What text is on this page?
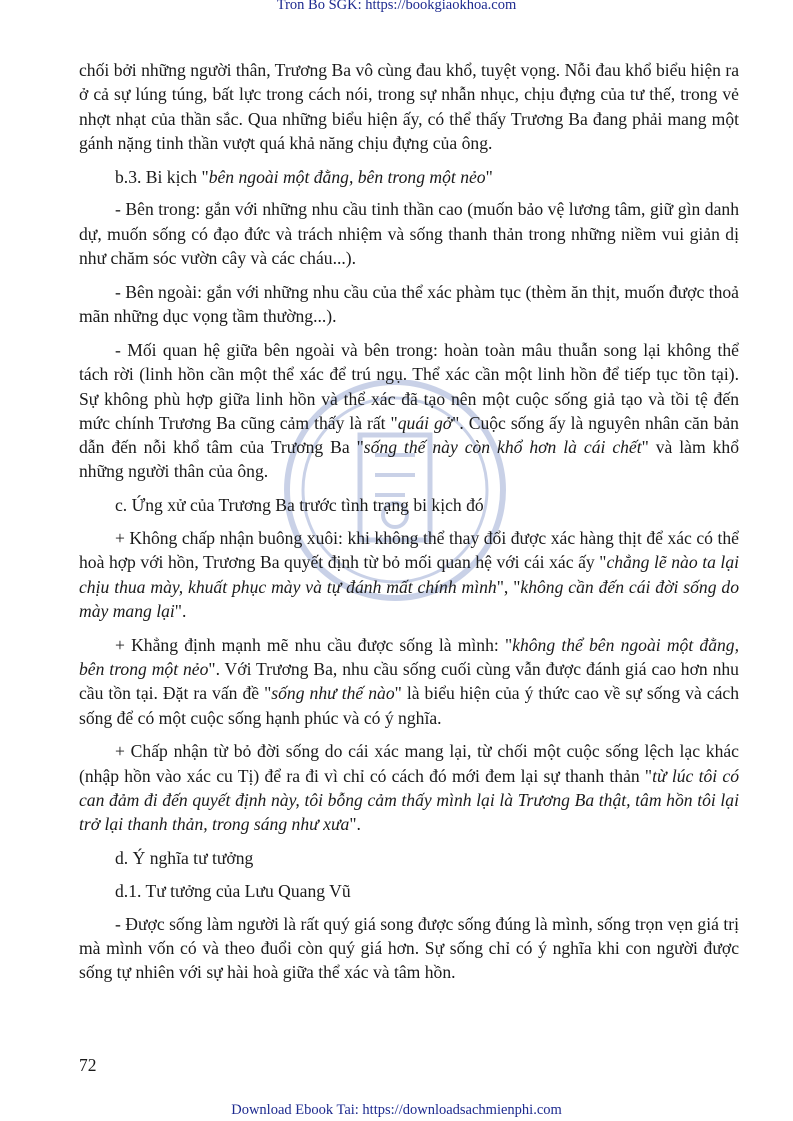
Tron Bo SGK: https://bookgiaokhoa.com

chối bởi những người thân, Trương Ba vô cùng đau khổ, tuyệt vọng. Nỗi đau khổ biểu hiện ra ở cả sự lúng túng, bất lực trong cách nói, trong sự nhẫn nhục, chịu đựng của tư thế, trong vẻ nhợt nhạt của thần sắc. Qua những biểu hiện ấy, có thể thấy Trương Ba đang phải mang một gánh nặng tinh thần vượt quá khả năng chịu đựng của ông.

b.3. Bi kịch "bên ngoài một đằng, bên trong một nẻo"

- Bên trong: gắn với những nhu cầu tinh thần cao (muốn bảo vệ lương tâm, giữ gìn danh dự, muốn sống có đạo đức và trách nhiệm và sống thanh thản trong những niềm vui giản dị như chăm sóc vườn cây và các cháu...).

- Bên ngoài: gắn với những nhu cầu của thể xác phàm tục (thèm ăn thịt, muốn được thoả mãn những dục vọng tầm thường...).

- Mối quan hệ giữa bên ngoài và bên trong: hoàn toàn mâu thuẫn song lại không thể tách rời (linh hồn cần một thể xác để trú ngụ. Thể xác cần một linh hồn để tiếp tục tồn tại). Sự không phù hợp giữa linh hồn và thể xác đã tạo nên một cuộc sống giả tạo và tồi tệ đến mức chính Trương Ba cũng cảm thấy là rất "quái gở". Cuộc sống ấy là nguyên nhân căn bản dẫn đến nỗi khổ tâm của Trương Ba "sống thế này còn khổ hơn là cái chết" và làm khổ những người thân của ông.

c. Ứng xử của Trương Ba trước tình trạng bi kịch đó

+ Không chấp nhận buông xuôi: khi không thể thay đổi được xác hàng thịt để xác có thể hoà hợp với hồn, Trương Ba quyết định từ bỏ mối quan hệ với cái xác ấy "chẳng lẽ nào ta lại chịu thua mày, khuất phục mày và tự đánh mất chính mình", "không cần đến cái đời sống do mày mang lại".

+ Khẳng định mạnh mẽ nhu cầu được sống là mình: "không thể bên ngoài một đằng, bên trong một nẻo". Với Trương Ba, nhu cầu sống cuối cùng vẫn được đánh giá cao hơn nhu cầu tồn tại. Đặt ra vấn đề "sống như thế nào" là biểu hiện của ý thức cao về sự sống và cách sống để có một cuộc sống hạnh phúc và có ý nghĩa.

+ Chấp nhận từ bỏ đời sống do cái xác mang lại, từ chối một cuộc sống lệch lạc khác (nhập hồn vào xác cu Tị) để ra đi vì chỉ có cách đó mới đem lại sự thanh thản "từ lúc tôi có can đảm đi đến quyết định này, tôi bỗng cảm thấy mình lại là Trương Ba thật, tâm hồn tôi lại trở lại thanh thản, trong sáng như xưa".

d. Ý nghĩa tư tưởng

d.1. Tư tưởng của Lưu Quang Vũ

- Được sống làm người là rất quý giá song được sống đúng là mình, sống trọn vẹn giá trị mà mình vốn có và theo đuổi còn quý giá hơn. Sự sống chỉ có ý nghĩa khi con người được sống tự nhiên với sự hài hoà giữa thể xác và tâm hồn.

72
Download Ebook Tai: https://downloadsachmienphi.com
